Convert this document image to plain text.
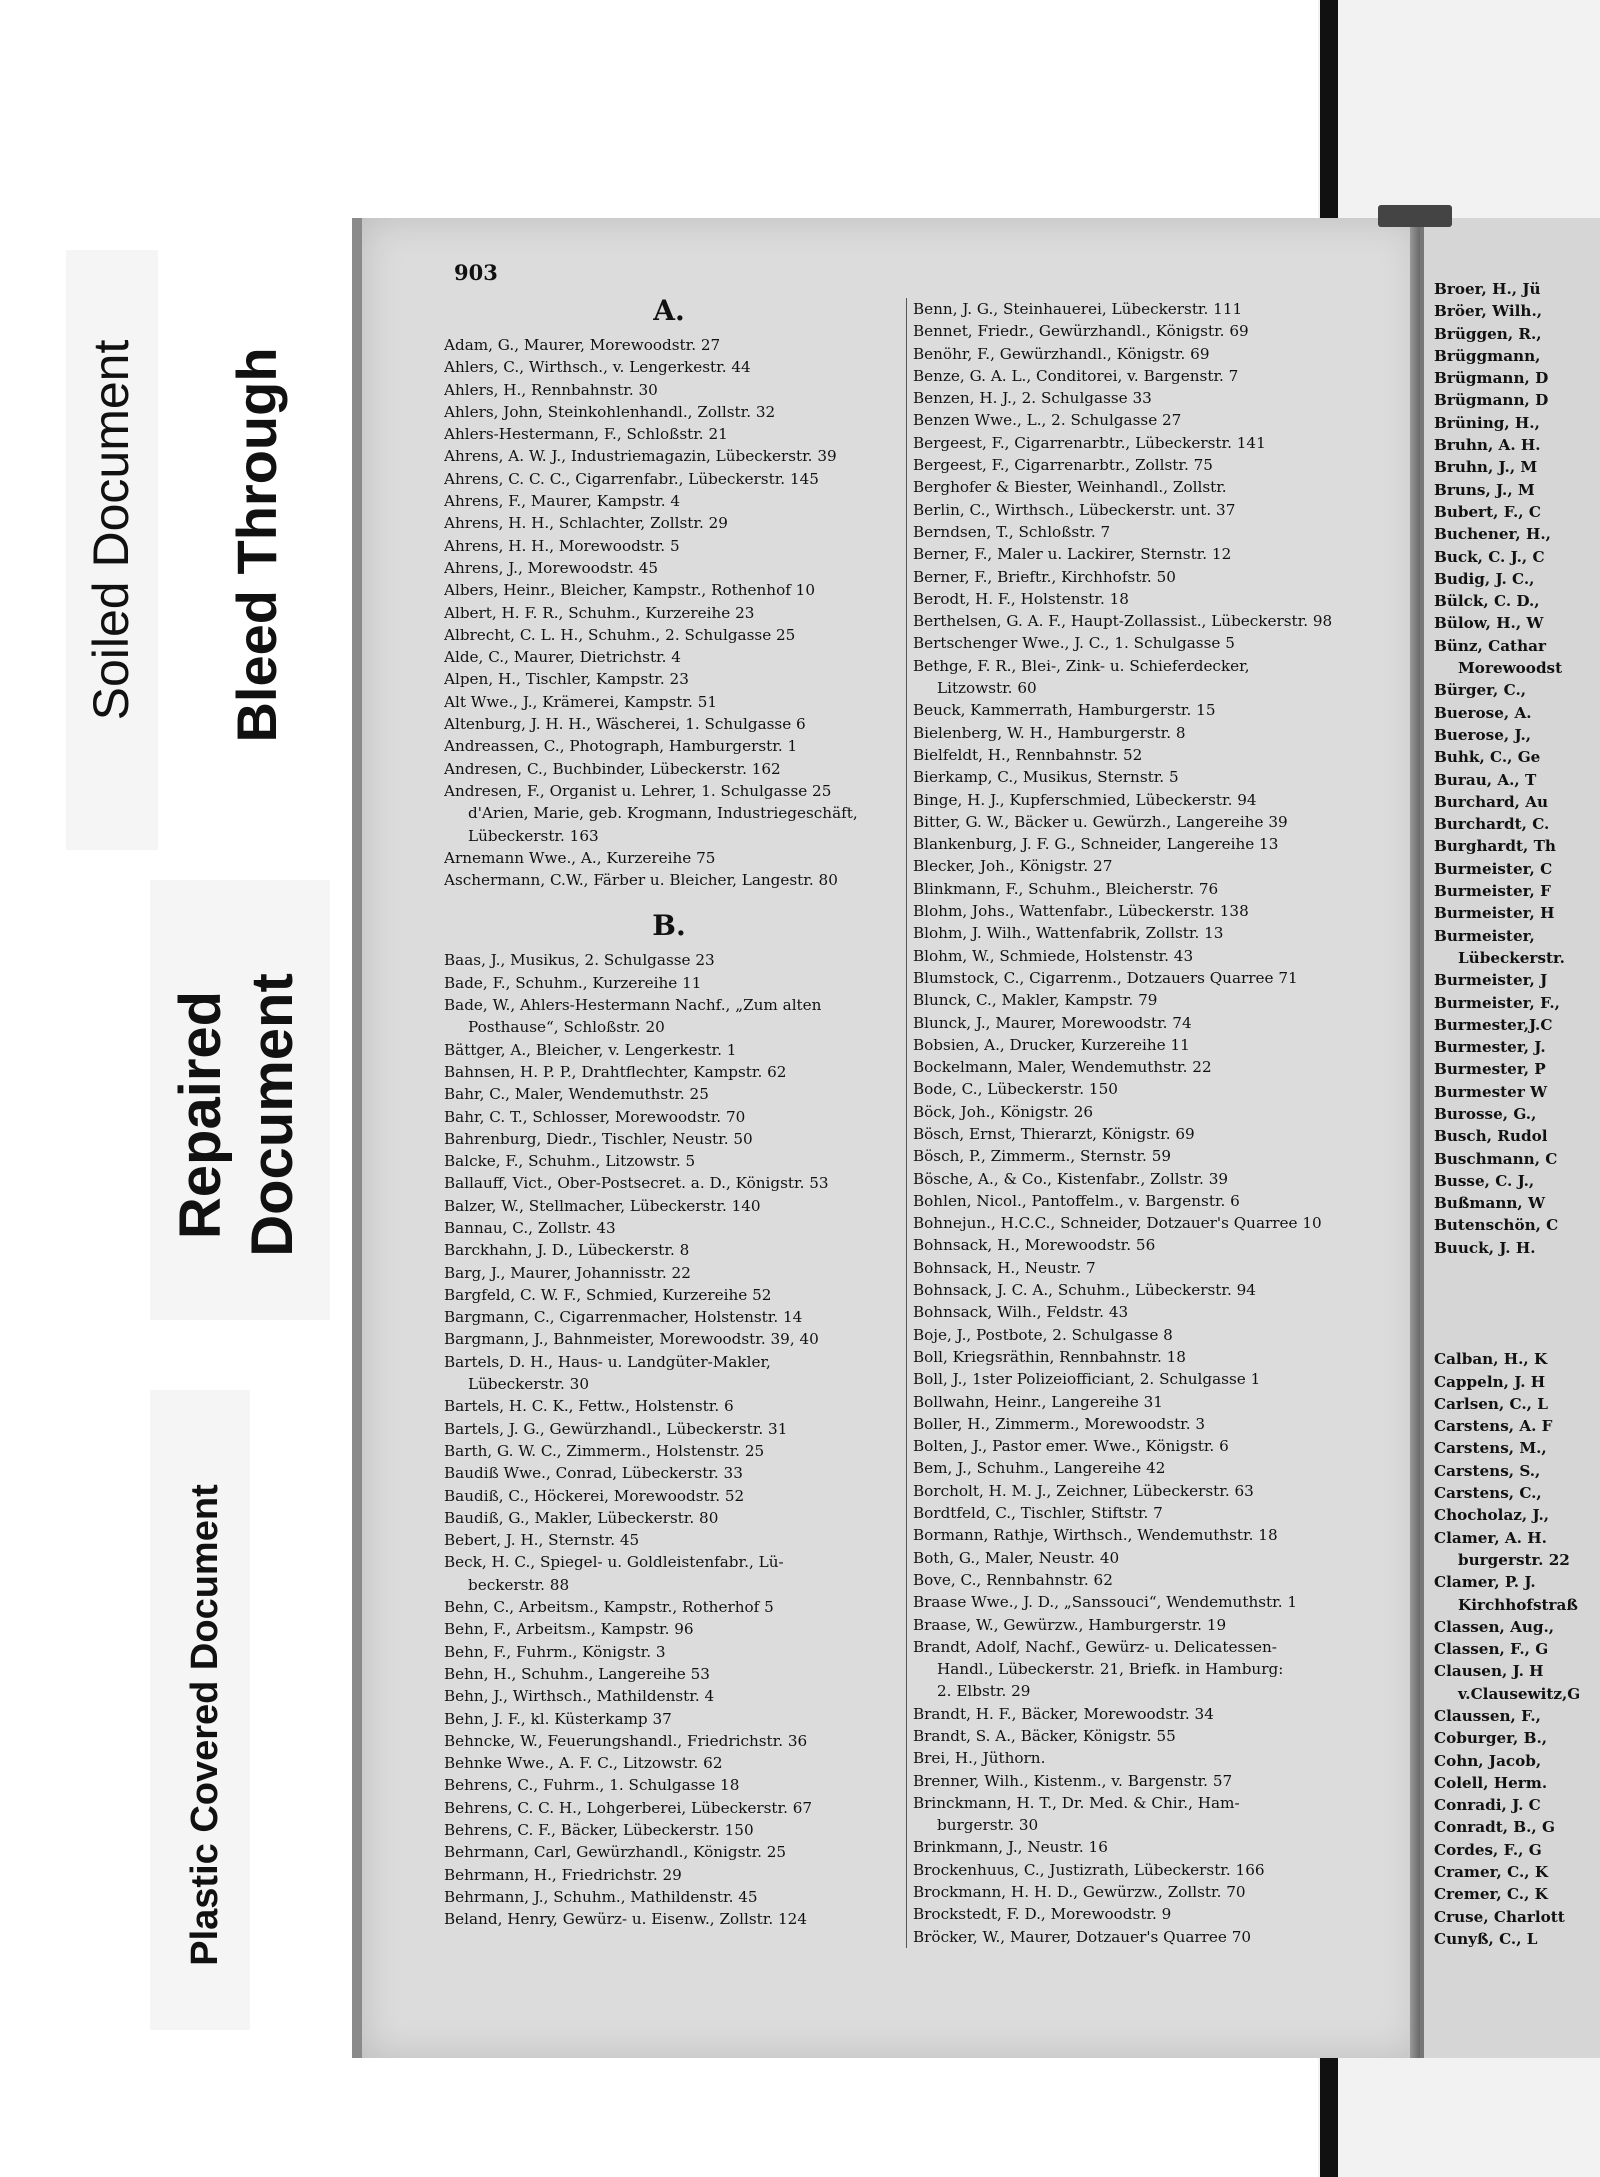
Soiled Document Bleed Through
Repaired Document
Plastic Covered Document
903
A.
Adam, G., Maurer, Morewoodstr. 27
Ahlers, C., Wirthsch., v. Lengerkestr. 44
Ahlers, H., Rennbahnstr. 30
Ahlers, John, Steinkohlenhandl., Zollstr. 32
Ahlers-Hestermann, F., Schloßstr. 21
Ahrens, A. W. J., Industriemagazin, Lübeckerstr. 39
Ahrens, C. C. C., Cigarrenfabr., Lübeckerstr. 145
Ahrens, F., Maurer, Kampstr. 4
Ahrens, H. H., Schlachter, Zollstr. 29
Ahrens, H. H., Morewoodstr. 5
Ahrens, J., Morewoodstr. 45
Albers, Heinr., Bleicher, Kampstr., Rothenhof 10
Albert, H. F. R., Schuhm., Kurzereihe 23
Albrecht, C. L. H., Schuhm., 2. Schulgasse 25
Alde, C., Maurer, Dietrichstr. 4
Alpen, H., Tischler, Kampstr. 23
Alt Wwe., J., Krämerei, Kampstr. 51
Altenburg, J. H. H., Wäscherei, 1. Schulgasse 6
Andreassen, C., Photograph, Hamburgerstr. 1
Andresen, C., Buchbinder, Lübeckerstr. 162
Andresen, F., Organist u. Lehrer, 1. Schulgasse 25
d'Arien, Marie, geb. Krogmann, Industriegeschäft,
Lübeckerstr. 163
Arnemann Wwe., A., Kurzereihe 75
Aschermann, C.W., Färber u. Bleicher, Langestr. 80
B.
Baas, J., Musikus, 2. Schulgasse 23
Bade, F., Schuhm., Kurzereihe 11
Bade, W., Ahlers-Hestermann Nachf., „Zum alten
Posthause“, Schloßstr. 20
Bättger, A., Bleicher, v. Lengerkestr. 1
Bahnsen, H. P. P., Drahtflechter, Kampstr. 62
Bahr, C., Maler, Wendemuthstr. 25
Bahr, C. T., Schlosser, Morewoodstr. 70
Bahrenburg, Diedr., Tischler, Neustr. 50
Balcke, F., Schuhm., Litzowstr. 5
Ballauff, Vict., Ober-Postsecret. a. D., Königstr. 53
Balzer, W., Stellmacher, Lübeckerstr. 140
Bannau, C., Zollstr. 43
Barckhahn, J. D., Lübeckerstr. 8
Barg, J., Maurer, Johannisstr. 22
Bargfeld, C. W. F., Schmied, Kurzereihe 52
Bargmann, C., Cigarrenmacher, Holstenstr. 14
Bargmann, J., Bahnmeister, Morewoodstr. 39, 40
Bartels, D. H., Haus- u. Landgüter-Makler,
Lübeckerstr. 30
Bartels, H. C. K., Fettw., Holstenstr. 6
Bartels, J. G., Gewürzhandl., Lübeckerstr. 31
Barth, G. W. C., Zimmerm., Holstenstr. 25
Baudiß Wwe., Conrad, Lübeckerstr. 33
Baudiß, C., Höckerei, Morewoodstr. 52
Baudiß, G., Makler, Lübeckerstr. 80
Bebert, J. H., Sternstr. 45
Beck, H. C., Spiegel- u. Goldleistenfabr., Lü-
beckerstr. 88
Behn, C., Arbeitsm., Kampstr., Rotherhof 5
Behn, F., Arbeitsm., Kampstr. 96
Behn, F., Fuhrm., Königstr. 3
Behn, H., Schuhm., Langereihe 53
Behn, J., Wirthsch., Mathildenstr. 4
Behn, J. F., kl. Küsterkamp 37
Behncke, W., Feuerungshandl., Friedrichstr. 36
Behnke Wwe., A. F. C., Litzowstr. 62
Behrens, C., Fuhrm., 1. Schulgasse 18
Behrens, C. C. H., Lohgerberei, Lübeckerstr. 67
Behrens, C. F., Bäcker, Lübeckerstr. 150
Behrmann, Carl, Gewürzhandl., Königstr. 25
Behrmann, H., Friedrichstr. 29
Behrmann, J., Schuhm., Mathildenstr. 45
Beland, Henry, Gewürz- u. Eisenw., Zollstr. 124
Benn, J. G., Steinhauerei, Lübeckerstr. 111
Bennet, Friedr., Gewürzhandl., Königstr. 69
Benöhr, F., Gewürzhandl., Königstr. 69
Benze, G. A. L., Conditorei, v. Bargenstr. 7
Benzen, H. J., 2. Schulgasse 33
Benzen Wwe., L., 2. Schulgasse 27
Bergeest, F., Cigarrenarbtr., Lübeckerstr. 141
Bergeest, F., Cigarrenarbtr., Zollstr. 75
Berghofer & Biester, Weinhandl., Zollstr.
Berlin, C., Wirthsch., Lübeckerstr. unt. 37
Berndsen, T., Schloßstr. 7
Berner, F., Maler u. Lackirer, Sternstr. 12
Berner, F., Brieftr., Kirchhofstr. 50
Berodt, H. F., Holstenstr. 18
Berthelsen, G. A. F., Haupt-Zollassist., Lübeckerstr. 98
Bertschenger Wwe., J. C., 1. Schulgasse 5
Bethge, F. R., Blei-, Zink- u. Schieferdecker,
Litzowstr. 60
Beuck, Kammerrath, Hamburgerstr. 15
Bielenberg, W. H., Hamburgerstr. 8
Bielfeldt, H., Rennbahnstr. 52
Bierkamp, C., Musikus, Sternstr. 5
Binge, H. J., Kupferschmied, Lübeckerstr. 94
Bitter, G. W., Bäcker u. Gewürzh., Langereihe 39
Blankenburg, J. F. G., Schneider, Langereihe 13
Blecker, Joh., Königstr. 27
Blinkmann, F., Schuhm., Bleicherstr. 76
Blohm, Johs., Wattenfabr., Lübeckerstr. 138
Blohm, J. Wilh., Wattenfabrik, Zollstr. 13
Blohm, W., Schmiede, Holstenstr. 43
Blumstock, C., Cigarrenm., Dotzauers Quarree 71
Blunck, C., Makler, Kampstr. 79
Blunck, J., Maurer, Morewoodstr. 74
Bobsien, A., Drucker, Kurzereihe 11
Bockelmann, Maler, Wendemuthstr. 22
Bode, C., Lübeckerstr. 150
Böck, Joh., Königstr. 26
Bösch, Ernst, Thierarzt, Königstr. 69
Bösch, P., Zimmerm., Sternstr. 59
Bösche, A., & Co., Kistenfabr., Zollstr. 39
Bohlen, Nicol., Pantoffelm., v. Bargenstr. 6
Bohnejun., H.C.C., Schneider, Dotzauer's Quarree 10
Bohnsack, H., Morewoodstr. 56
Bohnsack, H., Neustr. 7
Bohnsack, J. C. A., Schuhm., Lübeckerstr. 94
Bohnsack, Wilh., Feldstr. 43
Boje, J., Postbote, 2. Schulgasse 8
Boll, Kriegsräthin, Rennbahnstr. 18
Boll, J., 1ster Polizeiofficiant, 2. Schulgasse 1
Bollwahn, Heinr., Langereihe 31
Boller, H., Zimmerm., Morewoodstr. 3
Bolten, J., Pastor emer. Wwe., Königstr. 6
Bem, J., Schuhm., Langereihe 42
Borcholt, H. M. J., Zeichner, Lübeckerstr. 63
Bordtfeld, C., Tischler, Stiftstr. 7
Bormann, Rathje, Wirthsch., Wendemuthstr. 18
Both, G., Maler, Neustr. 40
Bove, C., Rennbahnstr. 62
Braase Wwe., J. D., „Sanssouci“, Wendemuthstr. 1
Braase, W., Gewürzw., Hamburgerstr. 19
Brandt, Adolf, Nachf., Gewürz- u. Delicatessen-
Handl., Lübeckerstr. 21, Briefk. in Hamburg:
2. Elbstr. 29
Brandt, H. F., Bäcker, Morewoodstr. 34
Brandt, S. A., Bäcker, Königstr. 55
Brei, H., Jüthorn.
Brenner, Wilh., Kistenm., v. Bargenstr. 57
Brinckmann, H. T., Dr. Med. & Chir., Ham-
burgerstr. 30
Brinkmann, J., Neustr. 16
Brockenhuus, C., Justizrath, Lübeckerstr. 166
Brockmann, H. H. D., Gewürzw., Zollstr. 70
Brockstedt, F. D., Morewoodstr. 9
Bröcker, W., Maurer, Dotzauer's Quarree 70
Broer, H., Jü
Bröer, Wilh.,
Brüggen, R.,
Brüggmann,
Brügmann, D
Brügmann, D
Brüning, H.,
Bruhn, A. H.
Bruhn, J., M
Bruns, J., M
Bubert, F., C
Buchener, H.,
Buck, C. J., C
Budig, J. C.,
Bülck, C. D.,
Bülow, H., W
Bünz, Cathar
Morewoodst
Bürger, C.,
Buerose, A.
Buerose, J.,
Buhk, C., Ge
Burau, A., T
Burchard, Au
Burchardt, C.
Burghardt, Th
Burmeister, C
Burmeister, F
Burmeister, H
Burmeister,
Lübeckerstr.
Burmeister, J
Burmeister, F.,
Burmester,J.C
Burmester, J.
Burmester, P
Burmester W
Burosse, G.,
Busch, Rudol
Buschmann, C
Busse, C. J.,
Bußmann, W
Butenschön, C
Buuck, J. H.

Calban, H., K
Cappeln, J. H
Carlsen, C., L
Carstens, A. F
Carstens, M.,
Carstens, S.,
Carstens, C.,
Chocholaz, J.,
Clamer, A. H.
burgerstr. 22
Clamer, P. J.
Kirchhofstraß
Classen, Aug.,
Classen, F., G
Clausen, J. H
v.Clausewitz,G
Claussen, F.,
Coburger, B.,
Cohn, Jacob,
Colell, Herm.
Conradi, J. C
Conradt, B., G
Cordes, F., G
Cramer, C., K
Cremer, C., K
Cruse, Charlott
Cunyß, C., L
